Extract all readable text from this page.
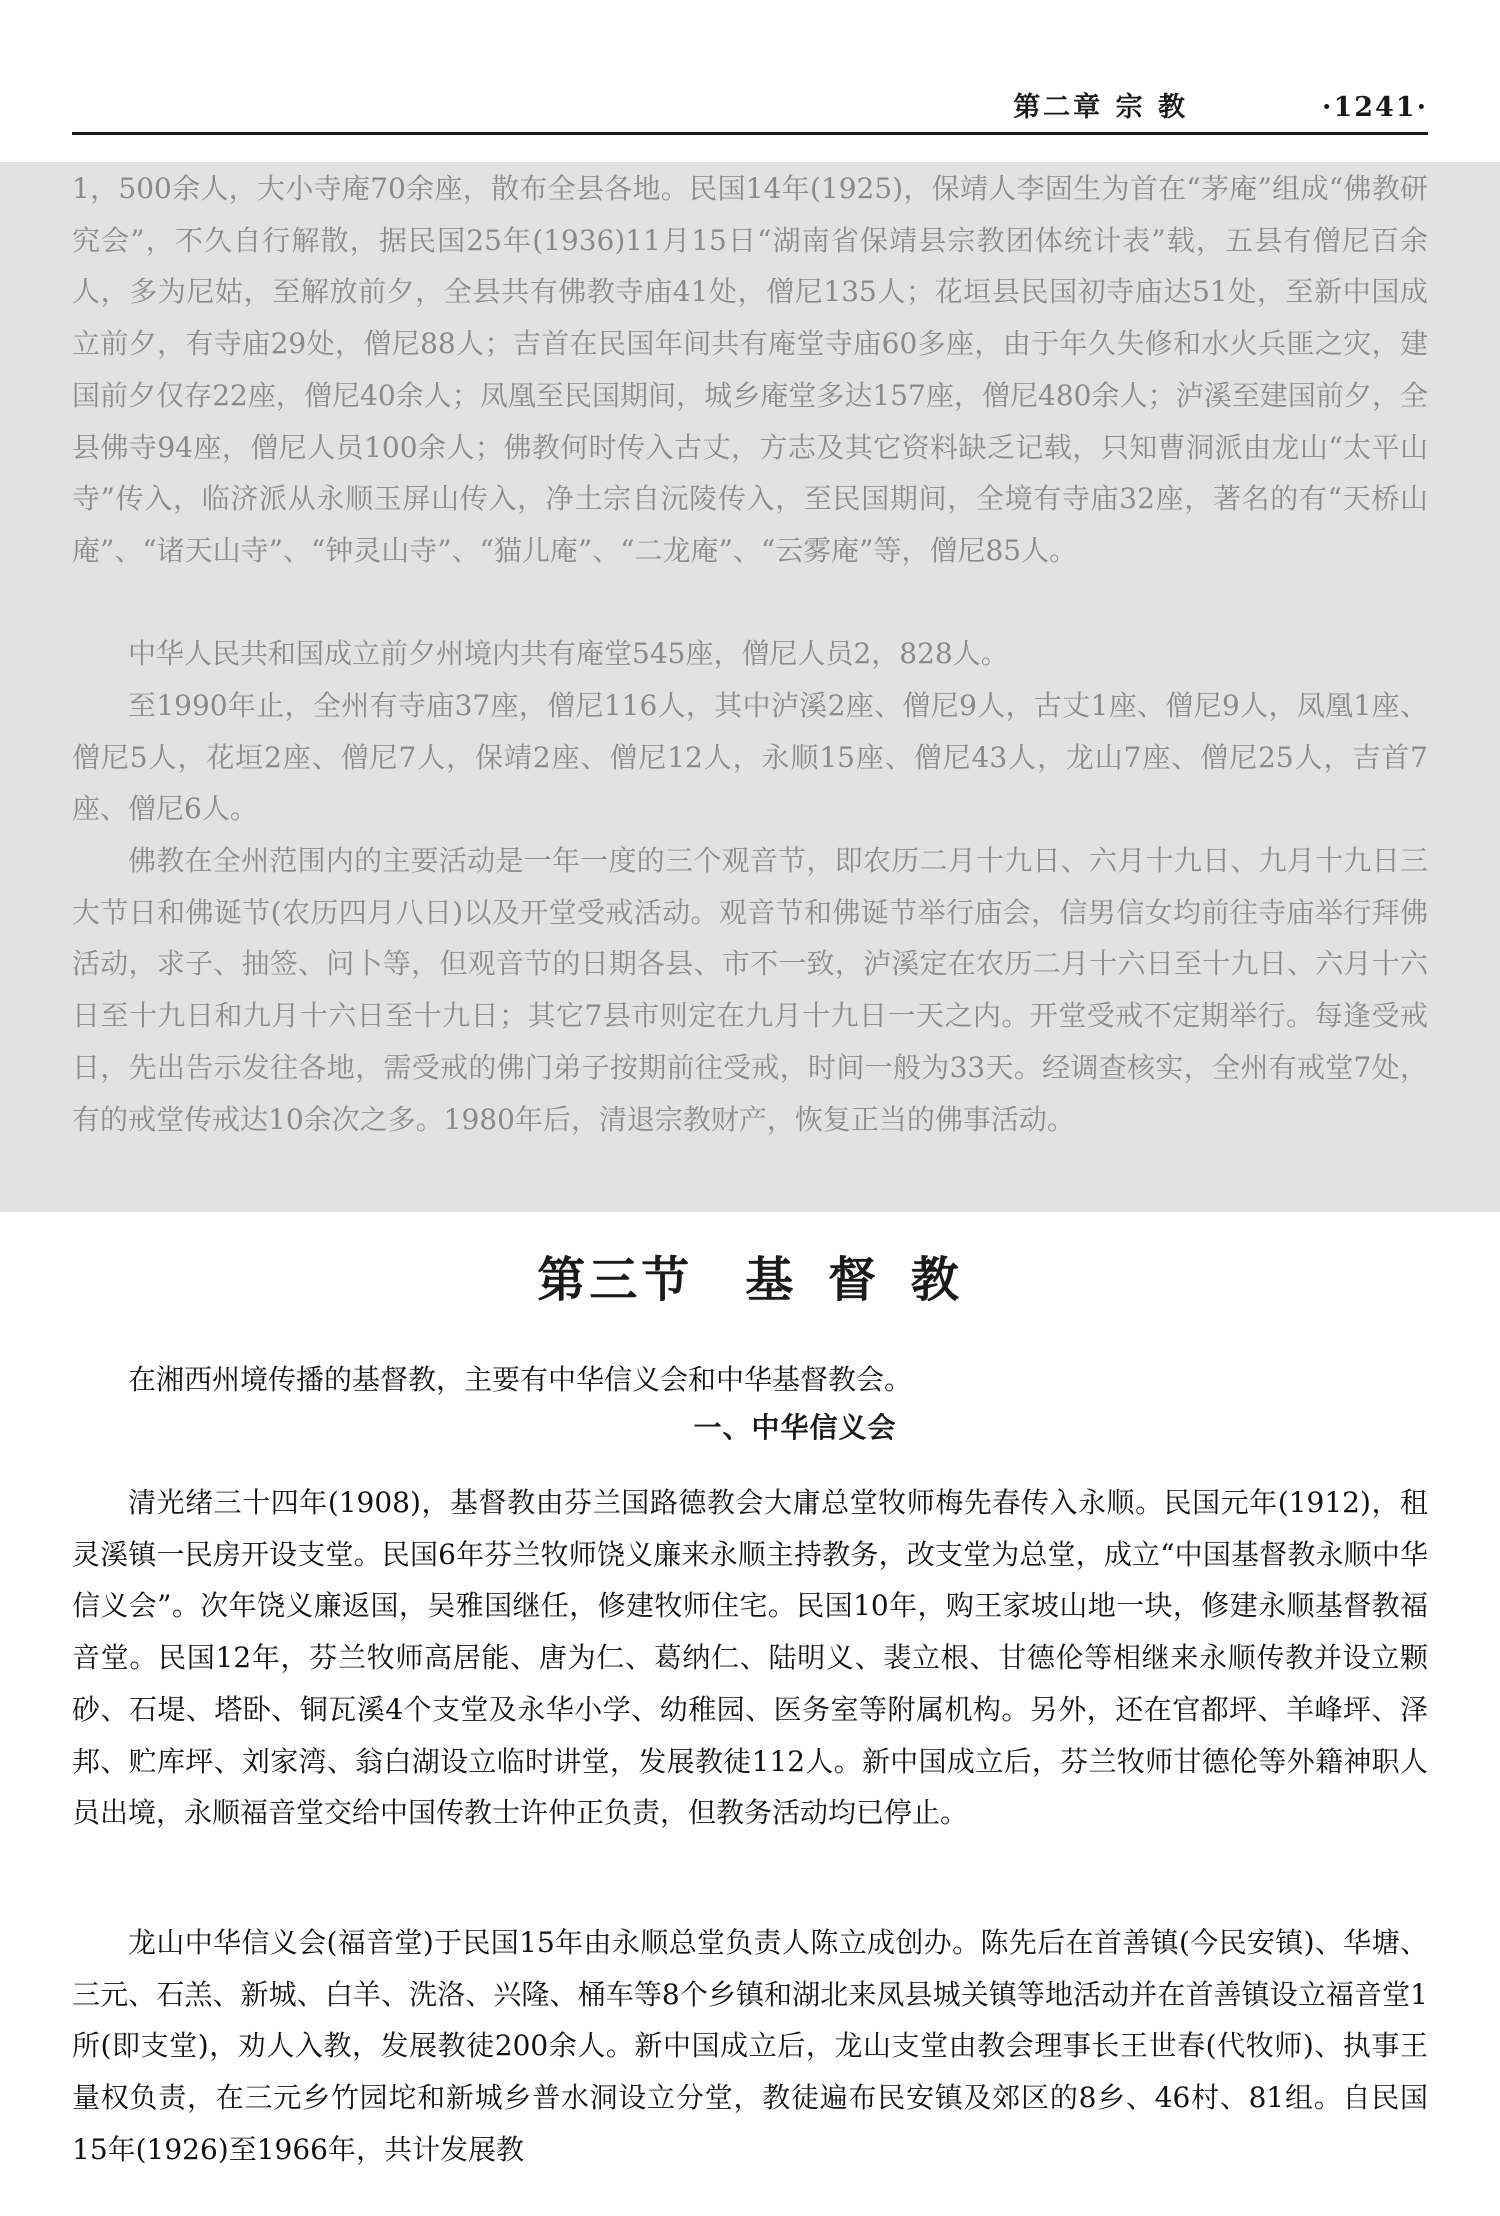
第二章 宗 教	·1241·

1，500余人，大小寺庵70余座，散布全县各地。民国14年(1925)，保靖人李固生为首在“茅庵”组成“佛教研究会”，不久自行解散，据民国25年(1936)11月15日“湖南省保靖县宗教团体统计表”载，五县有僧尼百余人，多为尼姑，至解放前夕，全县共有佛教寺庙41处，僧尼135人；花垣县民国初寺庙达51处，至新中国成立前夕，有寺庙29处，僧尼88人；吉首在民国年间共有庵堂寺庙60多座，由于年久失修和水火兵匪之灾，建国前夕仅存22座，僧尼40余人；凤凰至民国期间，城乡庵堂多达157座，僧尼480余人；泸溪至建国前夕，全县佛寺94座，僧尼人员100余人；佛教何时传入古丈，方志及其它资料缺乏记载，只知曹洞派由龙山“太平山寺”传入，临济派从永顺玉屏山传入，净土宗自沅陵传入，至民国期间，全境有寺庙32座，著名的有“天桥山庵”、“诸天山寺”、“钟灵山寺”、“猫儿庵”、“二龙庵”、“云雾庵”等，僧尼85人。

中华人民共和国成立前夕州境内共有庵堂545座，僧尼人员2，828人。

至1990年止，全州有寺庙37座，僧尼116人，其中泸溪2座、僧尼9人，古丈1座、僧尼9人，凤凰1座、僧尼5人，花垣2座、僧尼7人，保靖2座、僧尼12人，永顺15座、僧尼43人，龙山7座、僧尼25人，吉首7座、僧尼6人。

佛教在全州范围内的主要活动是一年一度的三个观音节，即农历二月十九日、六月十九日、九月十九日三大节日和佛诞节(农历四月八日)以及开堂受戒活动。观音节和佛诞节举行庙会，信男信女均前往寺庙举行拜佛活动，求子、抽签、问卜等，但观音节的日期各县、市不一致，泸溪定在农历二月十六日至十九日、六月十六日至十九日和九月十六日至十九日；其它7县市则定在九月十九日一天之内。开堂受戒不定期举行。每逢受戒日，先出告示发往各地，需受戒的佛门弟子按期前往受戒，时间一般为33天。经调查核实，全州有戒堂7处，有的戒堂传戒达10余次之多。1980年后，清退宗教财产，恢复正当的佛事活动。

第三节　基 督 教

在湘西州境传播的基督教，主要有中华信义会和中华基督教会。

清光绪三十四年(1908)，基督教由芬兰国路德教会大庸总堂牧师梅先春传入永顺。民国元年(1912)，租灵溪镇一民房开设支堂。民国6年芬兰牧师饶义廉来永顺主持教务，改支堂为总堂，成立“中国基督教永顺中华信义会”。次年饶义廉返国，吴雅国继任，修建牧师住宅。民国10年，购王家坡山地一块，修建永顺基督教福音堂。民国12年，芬兰牧师高居能、唐为仁、葛纳仁、陆明义、裴立根、甘德伦等相继来永顺传教并设立颗砂、石堤、塔卧、铜瓦溪4个支堂及永华小学、幼稚园、医务室等附属机构。另外，还在官都坪、羊峰坪、泽邦、贮库坪、刘家湾、翁白湖设立临时讲堂，发展教徒112人。新中国成立后，芬兰牧师甘德伦等外籍神职人员出境，永顺福音堂交给中国传教士许仲正负责，但教务活动均已停止。

龙山中华信义会(福音堂)于民国15年由永顺总堂负责人陈立成创办。陈先后在首善镇(今民安镇)、华塘、三元、石羔、新城、白羊、洗洛、兴隆、桶车等8个乡镇和湖北来凤县城关镇等地活动并在首善镇设立福音堂1所(即支堂)，劝人入教，发展教徒200余人。新中国成立后，龙山支堂由教会理事长王世春(代牧师)、执事王量权负责，在三元乡竹园坨和新城乡普水洞设立分堂，教徒遍布民安镇及郊区的8乡、46村、81组。自民国15年(1926)至1966年，共计发展教

一、中华信义会
